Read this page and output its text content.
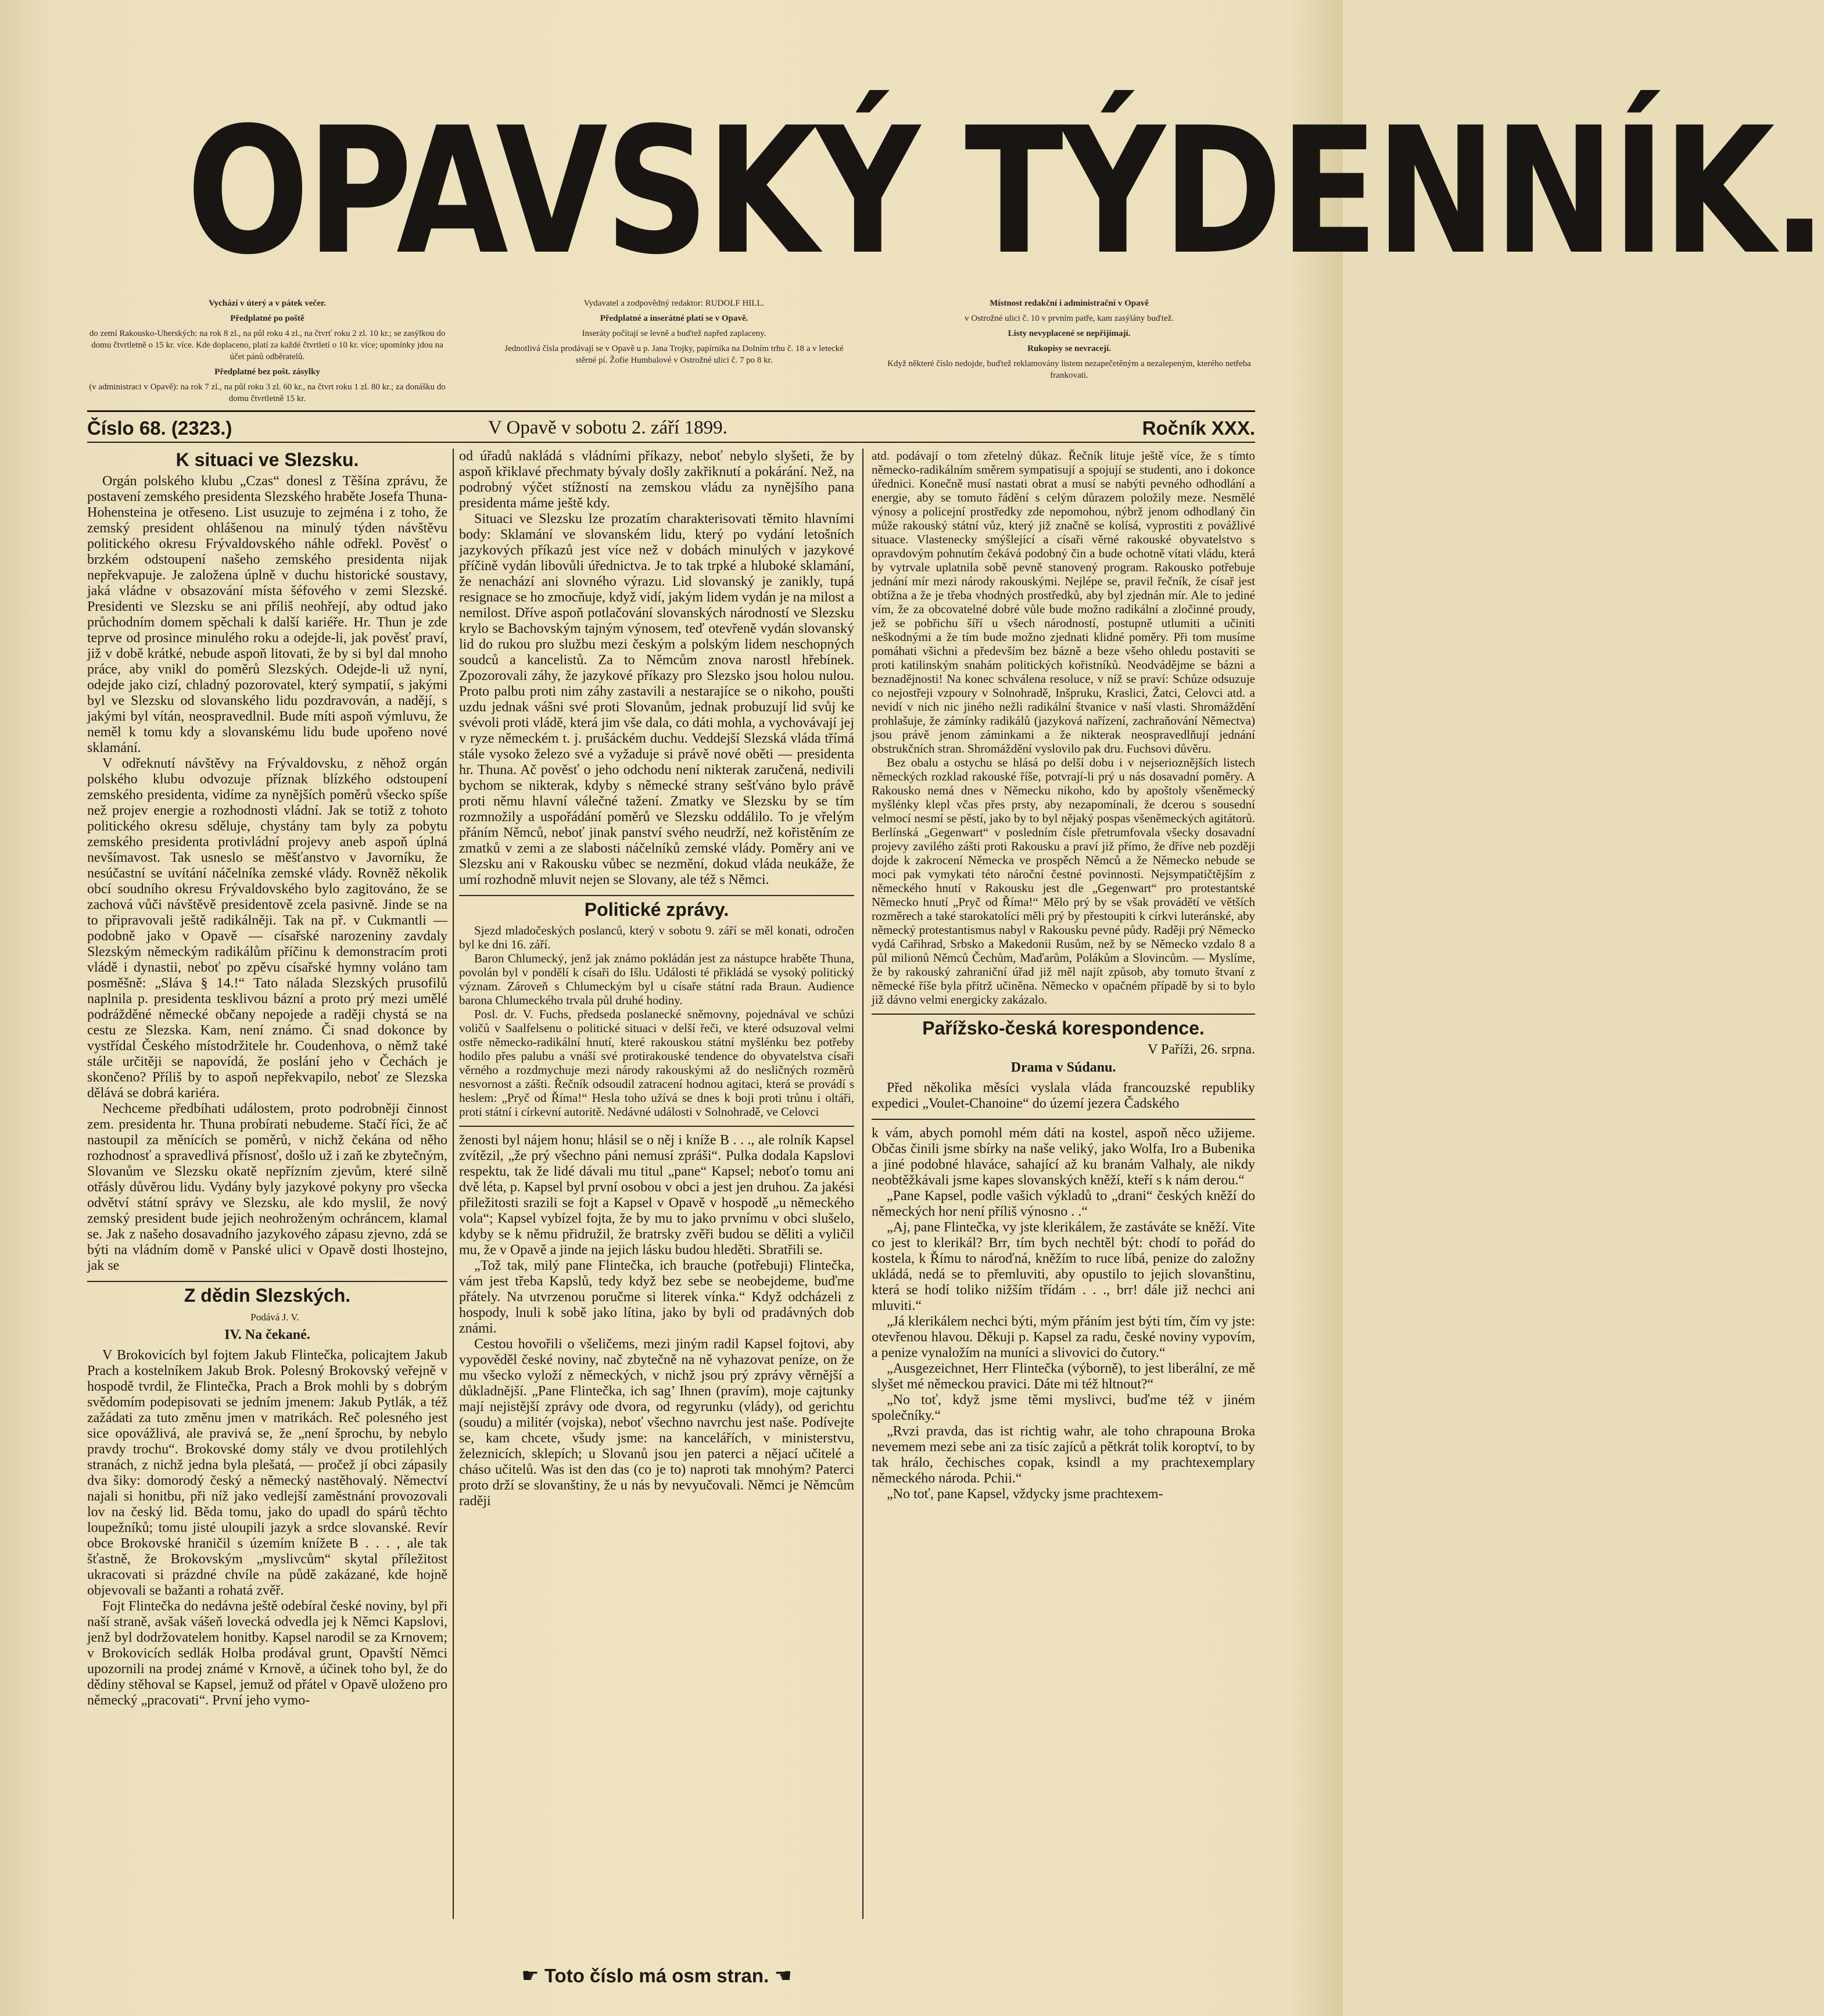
OPAVSKÝ TÝDENNÍK.

Vychází v úterý a v pátek večer.

Předplatné po poště

do zemí Rakousko-Uherských: na rok 8 zl., na půl roku 4 zl., na čtvrť roku 2 zl. 10 kr.; se zasýlkou do domu čtvrtletně o 15 kr. více. Kde doplaceno, platí za každé čtvrtletí o 10 kr. více; upomínky jdou na účet pánů odběratelů.

Předplatné bez pošt. zásylky

(v administraci v Opavě): na rok 7 zl., na půl roku 3 zl. 60 kr., na čtvrt roku 1 zl. 80 kr.; za donášku do domu čtvrtletně 15 kr.

Vydavatel a zodpovědný redaktor: RUDOLF HILL.

Předplatné a inserátné platí se v Opavě.

Inseráty počítají se levně a buďtež napřed zaplaceny.

Jednotlivá čísla prodávají se v Opavě u p. Jana Trojky, papírníka na Dolním trhu č. 18 a v letecké stěrné pí. Žofie Humbalové v Ostrožné ulici č. 7 po 8 kr.

Místnost redakční i administrační v Opavě

v Ostrožné ulici č. 10 v prvním patře, kam zasýlány buďtež.

Listy nevyplacené se nepřijímají.

Rukopisy se nevracejí.

Když některé číslo nedojde, buďtež reklamovány listem nezapečetěným a nezalepeným, kterého netřeba frankovati.

Číslo 68. (2323.)	V Opavě v sobotu 2. září 1899.	Ročník XXX.
K situaci ve Slezsku.

Orgán polského klubu „Czas“ donesl z Těšína zprávu, že postavení zemského presidenta Slezského hraběte Josefa Thuna-Hohensteina je otřeseno. List usuzuje to zejména i z toho, že zemský president ohlášenou na minulý týden návštěvu politického okresu Frývaldovského náhle odřekl. Pověsť o brzkém odstoupení našeho zemského presidenta nijak nepřekvapuje. Je založena úplně v duchu historické soustavy, jaká vládne v obsazování místa šéfového v zemi Slezské. Presidenti ve Slezsku se ani příliš neohřejí, aby odtud jako průchodním domem spěchali k další kariéře. Hr. Thun je zde teprve od prosince minulého roku a odejde-li, jak pověsť praví, již v době krátké, nebude aspoň litovati, že by si byl dal mnoho práce, aby vnikl do poměrů Slezských. Odejde-li už nyní, odejde jako cizí, chladný pozorovatel, který sympatií, s jakými byl ve Slezsku od slovanského lidu pozdravován, a nadějí, s jakými byl vítán, neospravedlnil. Bude míti aspoň výmluvu, že neměl k tomu kdy a slovanskému lidu bude upořeno nové sklamání.

V odřeknutí návštěvy na Frývaldovsku, z něhož orgán polského klubu odvozuje příznak blízkého odstoupení zemského presidenta, vidíme za nynějších poměrů všecko spíše než projev energie a rozhodnosti vládní. Jak se totiž z tohoto politického okresu sděluje, chystány tam byly za pobytu zemského presidenta protivládní projevy aneb aspoň úplná nevšímavost. Tak usneslo se měšťanstvo v Javorníku, že nesúčastní se uvítání náčelníka zemské vlády. Rovněž několik obcí soudního okresu Frývaldovského bylo zagitováno, že se zachová vůči návštěvě presidentově zcela pasivně. Jinde se na to připravovali ještě radikálněji. Tak na př. v Cukmantli — podobně jako v Opavě — císařské narozeniny zavdaly Slezským německým radikálům příčinu k demonstracím proti vládě i dynastii, neboť po zpěvu císařské hymny voláno tam posměšně: „Sláva § 14.!“ Tato nálada Slezských prusofilů naplnila p. presidenta tesklivou bázní a proto prý mezi umělé podrážděné německé občany nepojede a raději chystá se na cestu ze Slezska. Kam, není známo. Či snad dokonce by vystřídal Českého místodržitele hr. Coudenhova, o němž také stále určitěji se napovídá, že poslání jeho v Čechách je skončeno? Příliš by to aspoň nepřekvapilo, neboť ze Slezska dělává se dobrá kariéra.

Nechceme předbíhati událostem, proto podrobněji činnost zem. presidenta hr. Thuna probírati nebudeme. Stačí říci, že ač nastoupil za měnících se poměrů, v nichž čekána od něho rozhodnosť a spravedlivá přísnosť, došlo už i zaň ke zbytečným, Slovanům ve Slezsku okatě nepřízním zjevům, které silně otřásly důvěrou lidu. Vydány byly jazykové pokyny pro všecka odvětví státní správy ve Slezsku, ale kdo myslil, že nový zemský president bude jejich neohroženým ochráncem, klamal se. Jak z našeho dosavadního jazykového zápasu zjevno, zdá se býti na vládním domě v Panské ulici v Opavě dosti lhostejno, jak se

Z dědin Slezských.

Podává J. V.

IV. Na čekané.

V Brokovicích byl fojtem Jakub Flintečka, policajtem Jakub Prach a kostelníkem Jakub Brok. Polesný Brokovský veřejně v hospodě tvrdil, že Flintečka, Prach a Brok mohli by s dobrým svědomím podepisovati se jedním jmenem: Jakub Pytlák, a též zažádati za tuto změnu jmen v matrikách. Reč polesného jest sice opovážlivá, ale pravivá se, že „není šprochu, by nebylo pravdy trochu“. Brokovské domy stály ve dvou protilehlých stranách, z nichž jedna byla plešatá, — pročež jí obci zápasily dva šiky: domorodý český a německý nastěhovalý. Němectví najali si honitbu, při níž jako vedlejší zaměstnání provozovali lov na český lid. Běda tomu, jako do upadl do spárů těchto loupežníků; tomu jisté uloupili jazyk a srdce slovanské. Revír obce Brokovské hraničil s územím knížete B . . . , ale tak šťastně, že Brokovským „myslivcům“ skytal příležitost ukracovati si prázdné chvíle na půdě zakázané, kde hojně objevovali se bažanti a rohatá zvěř.

Fojt Flintečka do nedávna ještě odebíral české noviny, byl při naší straně, avšak vášeň lovecká odvedla jej k Němci Kapslovi, jenž byl dodržovatelem honitby. Kapsel narodil se za Krnovem; v Brokovicích sedlák Holba prodával grunt, Opavští Němci upozornili na prodej známé v Krnově, a účinek toho byl, že do dědiny stěhoval se Kapsel, jemuž od přátel v Opavě uloženo pro německý „pracovati“. První jeho vymo-

od úřadů nakládá s vládními příkazy, neboť nebylo slyšeti, že by aspoň křiklavé přechmaty bývaly došly zakřiknutí a pokárání. Než, na podrobný výčet stížností na zemskou vládu za nynějšího pana presidenta máme ještě kdy.

Situaci ve Slezsku lze prozatím charakterisovati těmito hlavními body: Sklamání ve slovanském lidu, který po vydání letošních jazykových příkazů jest více než v dobách minulých v jazykové příčině vydán libovůli úřednictva. Je to tak trpké a hluboké sklamání, že nenachází ani slovného výrazu. Lid slovanský je zanikly, tupá resignace se ho zmocňuje, když vidí, jakým lidem vydán je na milost a nemilost. Dříve aspoň potlačování slovanských národností ve Slezsku krylo se Bachovským tajným výnosem, teď otevřeně vydán slovanský lid do rukou pro službu mezi českým a polským lidem neschopných soudců a kancelistů. Za to Němcům znova narostl hřebínek. Zpozorovali záhy, že jazykové příkazy pro Slezsko jsou holou nulou. Proto palbu proti nim záhy zastavili a nestarajíce se o nikoho, poušti uzdu jednak vášni své proti Slovanům, jednak probuzují lid svůj ke svévoli proti vládě, která jim vše dala, co dáti mohla, a vychovávají jej v ryze německém t. j. prušáckém duchu. Veddejší Slezská vláda třímá stále vysoko železo své a vyžaduje si právě nové oběti — presidenta hr. Thuna. Ač pověsť o jeho odchodu není nikterak zaručená, nedivili bychom se nikterak, kdyby s německé strany sešťváno bylo právě proti němu hlavní válečné tažení. Zmatky ve Slezsku by se tím rozmnožily a uspořádání poměrů ve Slezsku oddálilo. To je vřelým přáním Němců, neboť jinak panství svého neudrží, než kořistěním ze zmatků v zemi a ze slabosti náčelníků zemské vlády. Poměry ani ve Slezsku ani v Rakousku vůbec se nezmění, dokud vláda neukáže, že umí rozhodně mluvit nejen se Slovany, ale též s Němci.

Politické zprávy.

Sjezd mladočeských poslanců, který v sobotu 9. září se měl konati, odročen byl ke dni 16. září.

Baron Chlumecký, jenž jak známo pokládán jest za nástupce hraběte Thuna, povolán byl v pondělí k císaři do Išlu. Události té přikládá se vysoký politický význam. Zároveň s Chlumeckým byl u císaře státní rada Braun. Audience barona Chlumeckého trvala půl druhé hodiny.

Posl. dr. V. Fuchs, předseda poslanecké sněmovny, pojednával ve schůzi voličů v Saalfelsenu o politické situaci v delší řeči, ve které odsuzoval velmi ostře německo-radikální hnutí, které rakouskou státní myšlénku bez potřeby hodilo přes palubu a vnáší své protirakouské tendence do obyvatelstva císaři věrného a rozdmychuje mezi národy rakouskými až do nesličných rozměrů nesvornost a zášti. Řečník odsoudil zatracení hodnou agitaci, která se provádí s heslem: „Pryč od Říma!“ Hesla toho užívá se dnes k boji proti trůnu i oltáři, proti státní i církevní autoritě. Nedávné události v Solnohradě, ve Celovci

ženosti byl nájem honu; hlásil se o něj i kníže B . . ., ale rolník Kapsel zvítězil, „že prý všechno páni nemusí zpráši“. Pulka dodala Kapslovi respektu, tak že lidé dávali mu titul „pane“ Kapsel; neboťo tomu ani dvě léta, p. Kapsel byl první osobou v obci a jest jen druhou. Za jakési přiležitosti srazili se fojt a Kapsel v Opavě v hospodě „u německého vola“; Kapsel vybízel fojta, že by mu to jako prvnímu v obci slušelo, kdyby se k němu přidružil, že bratrsky zvěři budou se děliti a vyličil mu, že v Opavě a jinde na jejich lásku budou hleděti. Sbratřili se.

„Tož tak, milý pane Flintečka, ich brauche (potřebuji) Flintečka, vám jest třeba Kapslů, tedy když bez sebe se neobejdeme, buďme přátely. Na utvrzenou poručme si literek vínka.“ Když odcházeli z hospody, lnuli k sobě jako lítina, jako by byli od pradávných dob známi.

Cestou hovořili o všeličems, mezi jiným radil Kapsel fojtovi, aby vypověděl české noviny, nač zbytečně na ně vyhazovat peníze, on že mu všecko vyloží z německých, v nichž jsou prý zprávy věrnější a důkladnější. „Pane Flintečka, ich sag’ Ihnen (pravím), moje cajtunky mají nejistější zprávy ode dvora, od regyrunku (vlády), od gerichtu (soudu) a militér (vojska), neboť všechno navrchu jest naše. Podívejte se, kam chcete, všudy jsme: na kancelářích, v ministerstvu, železnicích, sklepích; u Slovanů jsou jen paterci a nějací učitelé a cháso učitelů. Was ist den das (co je to) naproti tak mnohým? Paterci proto drží se slovanštiny, že u nás by nevyučovali. Němci je Němcům raději

☛ Toto číslo má osm stran. ☚

atd. podávají o tom zřetelný důkaz. Řečník lituje ještě více, že s tímto německo-radikálním směrem sympatisují a spojují se studenti, ano i dokonce úřednici. Konečně musí nastati obrat a musí se nabýti pevného odhodlání a energie, aby se tomuto řádění s celým důrazem položily meze. Nesmělé výnosy a policejní prostředky zde nepomohou, nýbrž jenom odhodlaný čin může rakouský státní vůz, který již značně se kolísá, vyprostiti z povážlivé situace. Vlastenecky smýšlející a císaři věrné rakouské obyvatelstvo s opravdovým pohnutím čekává podobný čin a bude ochotně vítati vládu, která by vytrvale uplatnila sobě pevně stanovený program. Rakousko potřebuje jednání mír mezi národy rakouskými. Nejlépe se, pravil řečník, že císař jest obtížna a že je třeba vhodných prostředků, aby byl zjednán mír. Ale to jediné vím, že za obcovatelné dobré vůle bude možno radikální a zločinné proudy, jež se pobřichu šíří u všech národností, postupně utlumiti a učiniti neškodnými a že tím bude možno zjednati klidné poměry. Při tom musíme pomáhati všichni a především bez bázně a beze všeho ohledu postaviti se proti katilinským snahám politických kořistníků. Neodvádějme se bázni a beznadějnosti! Na konec schválena resoluce, v níž se praví: Schůze odsuzuje co nejostřeji vzpoury v Solnohradě, Inšpruku, Kraslici, Žatci, Celovci atd. a nevidí v nich nic jiného nežli radikální štvanice v naší vlasti. Shromáždění prohlašuje, že zámínky radikálů (jazyková nařízení, zachraňování Němectva) jsou právě jenom záminkami a že nikterak neospravedlňují jednání obstrukčních stran. Shromáždění vyslovilo pak dru. Fuchsovi důvěru.

Bez obalu a ostychu se hlásá po delší dobu i v nejserioznějších listech německých rozklad rakouské říše, potvrají-li prý u nás dosavadní poměry. A Rakousko nemá dnes v Německu nikoho, kdo by apoštoly všeněmecký myšlénky klepl včas přes prsty, aby nezapomínali, že dcerou s sousední velmocí nesmí se pěstí, jako by to byl nějaký pospas všeněmeckých agitátorů. Berlínská „Gegenwart“ v posledním čísle přetrumfovala všecky dosavadní projevy zavilého zášti proti Rakousku a praví již přímo, že dříve neb později dojde k zakrocení Německa ve prospěch Němců a že Německo nebude se moci pak vymykati této nároční čestné povinnosti. Nejsympatičtějším z německého hnutí v Rakousku jest dle „Gegenwart“ pro protestantské Německo hnutí „Pryč od Říma!“ Mělo prý by se však provádětí ve větších rozměrech a také starokatolíci měli prý by přestoupiti k církvi luteránské, aby německý protestantismus nabyl v Rakousku pevné půdy. Raději prý Německo vydá Cařihrad, Srbsko a Makedonii Rusům, než by se Německo vzdalo 8 a půl milionů Němců Čechům, Maďarům, Polákům a Slovincům. — Myslíme, že by rakouský zahraniční úřad již měl najít způsob, aby tomuto štvaní z německé říše byla přítrž učiněna. Německo v opačném případě by si to bylo již dávno velmi energicky zakázalo.

Pařížsko-česká korespondence.

V Paříži, 26. srpna.

Drama v Súdanu.

Před několika měsíci vyslala vláda francouzské republiky expedici „Voulet-Chanoine“ do území jezera Čadského

k vám, abych pomohl mém dáti na kostel, aspoň něco užijeme. Občas činili jsme sbírky na naše veliký, jako Wolfa, Iro a Bubenika a jiné podobné hlaváce, sahající až ku branám Valhaly, ale nikdy neobtěžkávali jsme kapes slovanských kněží, kteří s k nám derou.“

„Pane Kapsel, podle vašich výkladů to „drani“ českých kněží do německých hor není příliš výnosno . .“

„Aj, pane Flintečka, vy jste klerikálem, že zastáváte se kněží. Vite co jest to klerikál? Brr, tím bych nechtěl být: chodí to pořád do kostela, k Římu to nároďná, kněžím to ruce líbá, penize do založny ukládá, nedá se to přemluviti, aby opustilo to jejich slovanštinu, která se hodí toliko nižším třídám . . ., brr! dále již nechci ani mluviti.“

„Já klerikálem nechci býti, mým přáním jest býti tím, čím vy jste: otevřenou hlavou. Děkuji p. Kapsel za radu, české noviny vypovím, a penize vynaložím na muníci a slivovici do čutory.“

„Ausgezeichnet, Herr Flintečka (výborně), to jest liberální, ze mě slyšet mé německou pravici. Dáte mi též hltnout?“

„No toť, když jsme těmi myslivci, buďme též v jiném společníky.“

„Rvzi pravda, das ist richtig wahr, ale toho chrapouna Broka nevemem mezi sebe ani za tisíc zajíců a pětkrát tolik koroptví, to by tak hrálo, čechisches copak, ksindl a my prachtexemplary německého národa. Pchii.“

„No toť, pane Kapsel, vždycky jsme prachtexem-
